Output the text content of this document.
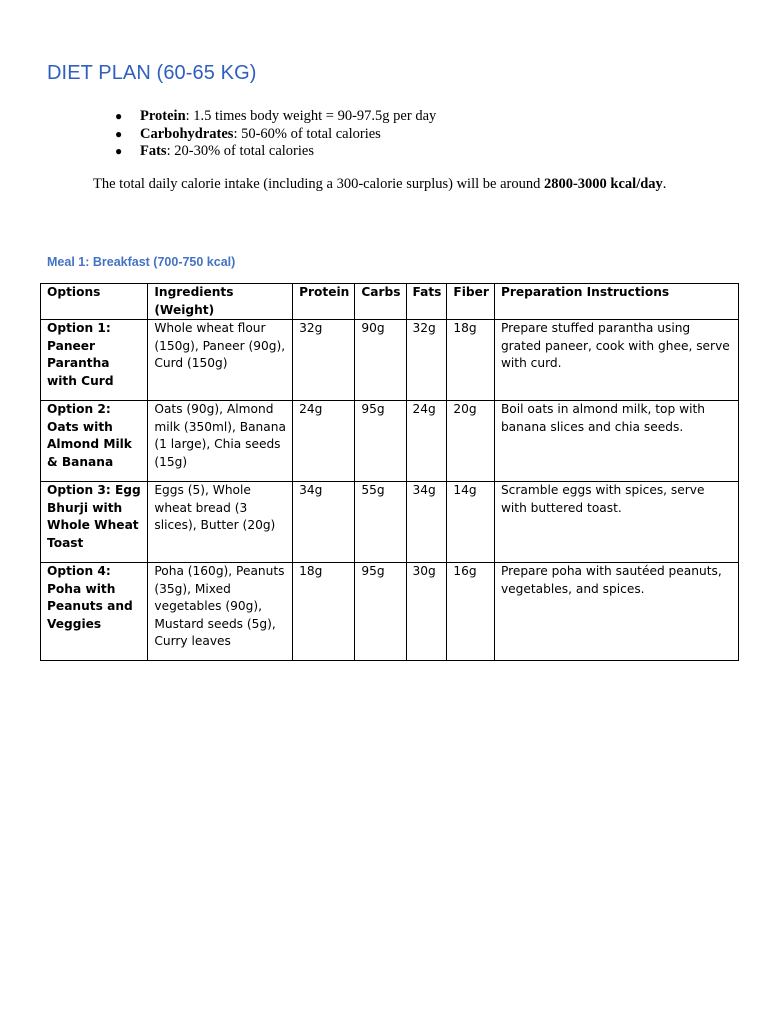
DIET PLAN (60-65 KG)
● Protein: 1.5 times body weight = 90-97.5g per day
● Carbohydrates: 50-60% of total calories
● Fats: 20-30% of total calories

The total daily calorie intake (including a 300-calorie surplus) will be around 2800-3000 kcal/day.

Meal 1: Breakfast (700-750 kcal)
Options	Ingredients (Weight)	Protein	Carbs	Fats	Fiber	Preparation Instructions
Option 1: Paneer Parantha with Curd	Whole wheat flour (150g), Paneer (90g), Curd (150g)	32g	90g	32g	18g	Prepare stuffed parantha using grated paneer, cook with ghee, serve with curd.
Option 2: Oats with Almond Milk & Banana	Oats (90g), Almond milk (350ml), Banana (1 large), Chia seeds (15g)	24g	95g	24g	20g	Boil oats in almond milk, top with banana slices and chia seeds.
Option 3: Egg Bhurji with Whole Wheat Toast	Eggs (5), Whole wheat bread (3 slices), Butter (20g)	34g	55g	34g	14g	Scramble eggs with spices, serve with buttered toast.
Option 4: Poha with Peanuts and Veggies	Poha (160g), Peanuts (35g), Mixed vegetables (90g), Mustard seeds (5g), Curry leaves	18g	95g	30g	16g	Prepare poha with sautéed peanuts, vegetables, and spices.
